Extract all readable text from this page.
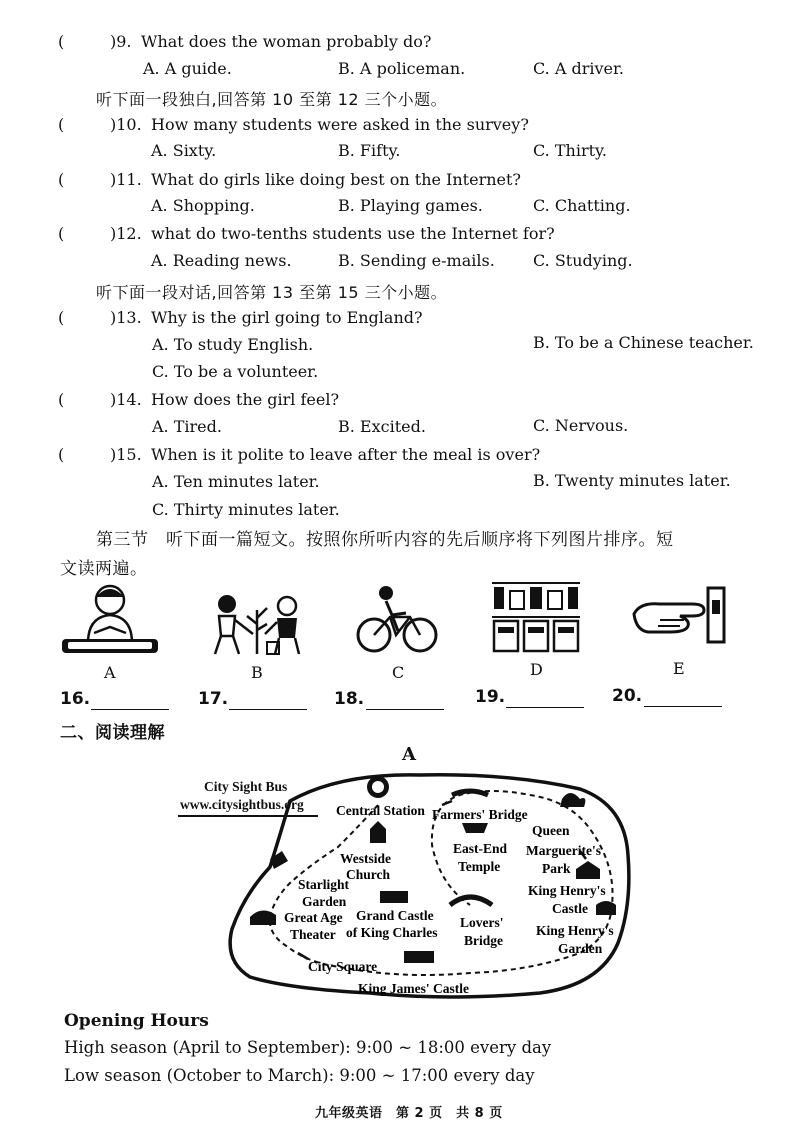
(	)9. What does the woman probably do?
A. A guide.	B. A policeman.	C. A driver.
听下面一段独白,回答第 10 至第 12 三个小题。
(	)10. How many students were asked in the survey?
A. Sixty.	B. Fifty.	C. Thirty.
(	)11. What do girls like doing best on the Internet?
A. Shopping.	B. Playing games.	C. Chatting.
(	)12. what do two-tenths students use the Internet for?
A. Reading news.	B. Sending e-mails. C. Studying.
听下面一段对话,回答第 13 至第 15 三个小题。
(	)13. Why is the girl going to England?
A. To study English.	B. To be a Chinese teacher.
C. To be a volunteer.
(	)14. How does the girl feel?
A. Tired.	B. Excited.	C. Nervous.
(	)15. When is it polite to leave after the meal is over?
A. Ten minutes later.	B. Twenty minutes later.
C. Thirty minutes later.
第三节　听下面一篇短文。按照你所听内容的先后顺序将下列图片排序。短
文读两遍。
A	B	C	D	E
16.	17.	18.	19.	20.
二、阅读理解
A
Central Station Farmers' Bridge
Queen
Marguerite's
Park
Westside
Church
East-End
Temple
Starlight
Garden
Great Age
Theater
Grand Castle
of King Charles
Lovers'
Bridge
King Henry's
Castle
King Henry's
Garden
City Square
King James' Castle
City Sight Bus
www.citysightbus.org
Opening Hours
High season (April to September): 9:00 ~ 18:00 every day
Low season (October to March): 9:00 ~ 17:00 every day
九年级英语　第 2 页　共 8 页
